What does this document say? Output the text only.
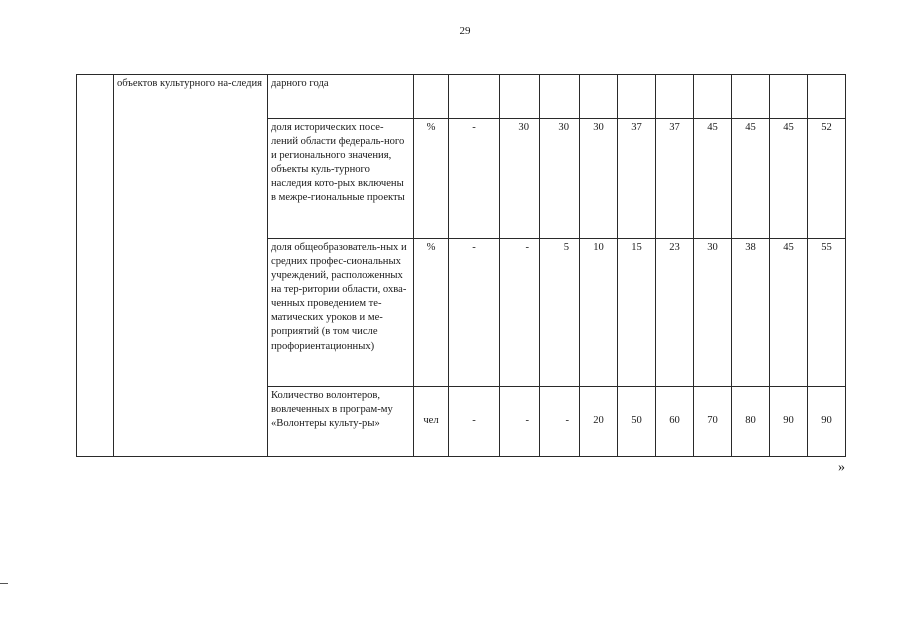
29
	объектов культурного на-следия	дарного года											
		доля исторических посе-лений области федераль-ного и регионального значения, объекты куль-турного наследия кото-рых включены в межре-гиональные проекты	%	-	30	30	30	37	37	45	45	45	52
		доля общеобразователь-ных и средних профес-сиональных учреждений, расположенных на тер-ритории области, охва-ченных проведением те-матических уроков и ме-роприятий (в том числе профориентационных)	%	-	-	5	10	15	23	30	38	45	55
		Количество волонтеров, вовлеченных в програм-му «Волонтеры культу-ры»	чел	-	-	-	20	50	60	70	80	90	90
»
